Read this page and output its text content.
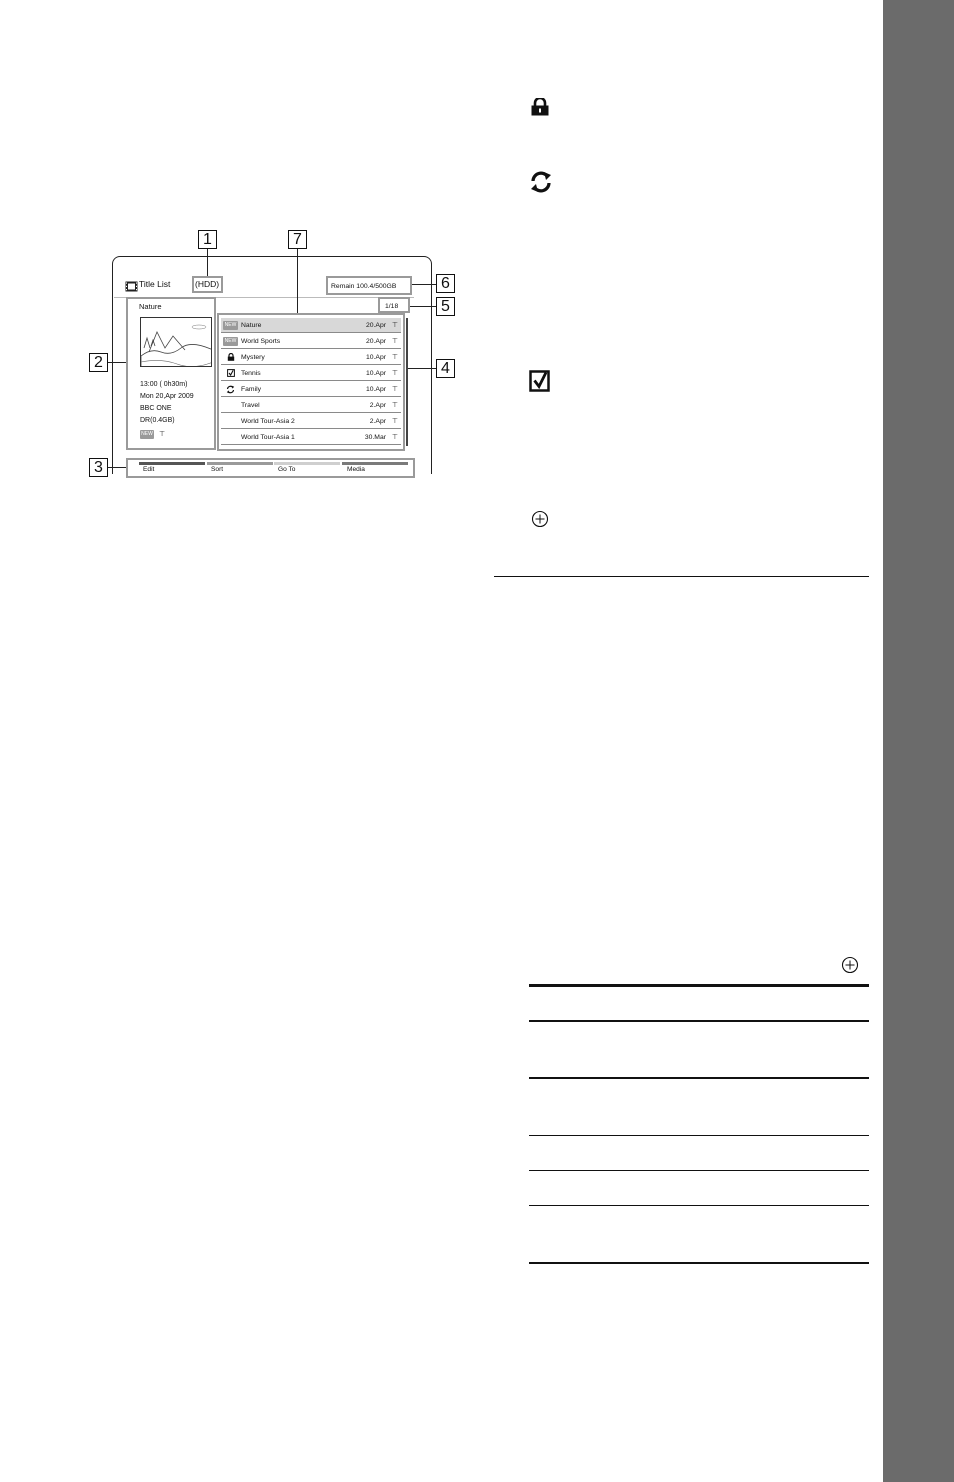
Title List	(HDD)	Remain 100.4/500GB
1/18
Nature
13:00 ( 0h30m)
Mon 20,Apr 2009
BBC ONE
DR(0.4GB)
NEW ⊤
NEW Nature	20.Apr ⊤
NEW World Sports	20.Apr ⊤
Mystery	10.Apr ⊤
Tennis	10.Apr ⊤
Family	10.Apr ⊤
Travel	2.Apr ⊤
World Tour-Asia 2	2.Apr ⊤
World Tour-Asia 1	30.Mar ⊤
Edit	Sort	Go To	Media
1	7
6
5
2	4
3
